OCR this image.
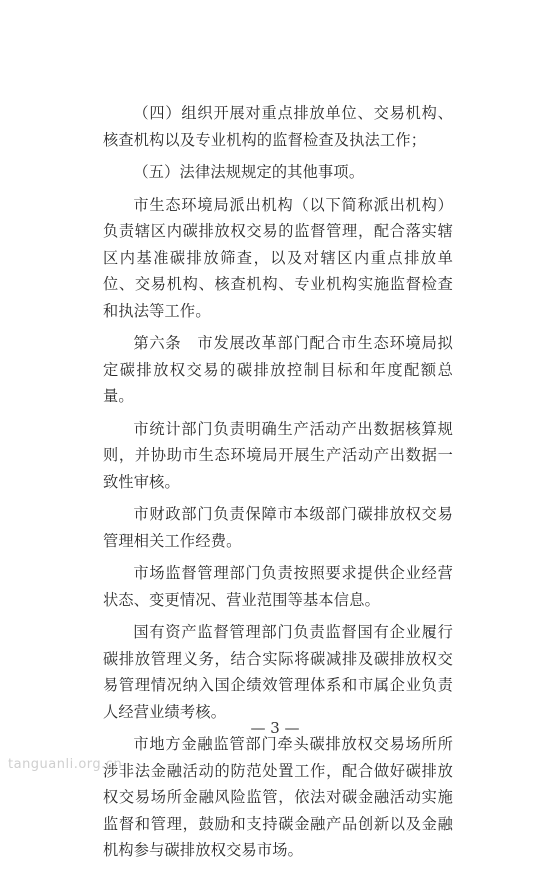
（四）组织开展对重点排放单位、交易机构、核查机构以及专业机构的监督检查及执法工作；

（五）法律法规规定的其他事项。

市生态环境局派出机构（以下简称派出机构）负责辖区内碳排放权交易的监督管理，配合落实辖区内基准碳排放筛查，以及对辖区内重点排放单位、交易机构、核查机构、专业机构实施监督检查和执法等工作。

第六条　市发展改革部门配合市生态环境局拟定碳排放权交易的碳排放控制目标和年度配额总量。

市统计部门负责明确生产活动产出数据核算规则，并协助市生态环境局开展生产活动产出数据一致性审核。

市财政部门负责保障市本级部门碳排放权交易管理相关工作经费。

市场监督管理部门负责按照要求提供企业经营状态、变更情况、营业范围等基本信息。

国有资产监督管理部门负责监督国有企业履行碳排放管理义务，结合实际将碳减排及碳排放权交易管理情况纳入国企绩效管理体系和市属企业负责人经营业绩考核。

市地方金融监管部门牵头碳排放权交易场所所涉非法金融活动的防范处置工作，配合做好碳排放权交易场所金融风险监管，依法对碳金融活动实施监督和管理，鼓励和支持碳金融产品创新以及金融机构参与碳排放权交易市场。

— 3 —
tanguanli.org.cn
